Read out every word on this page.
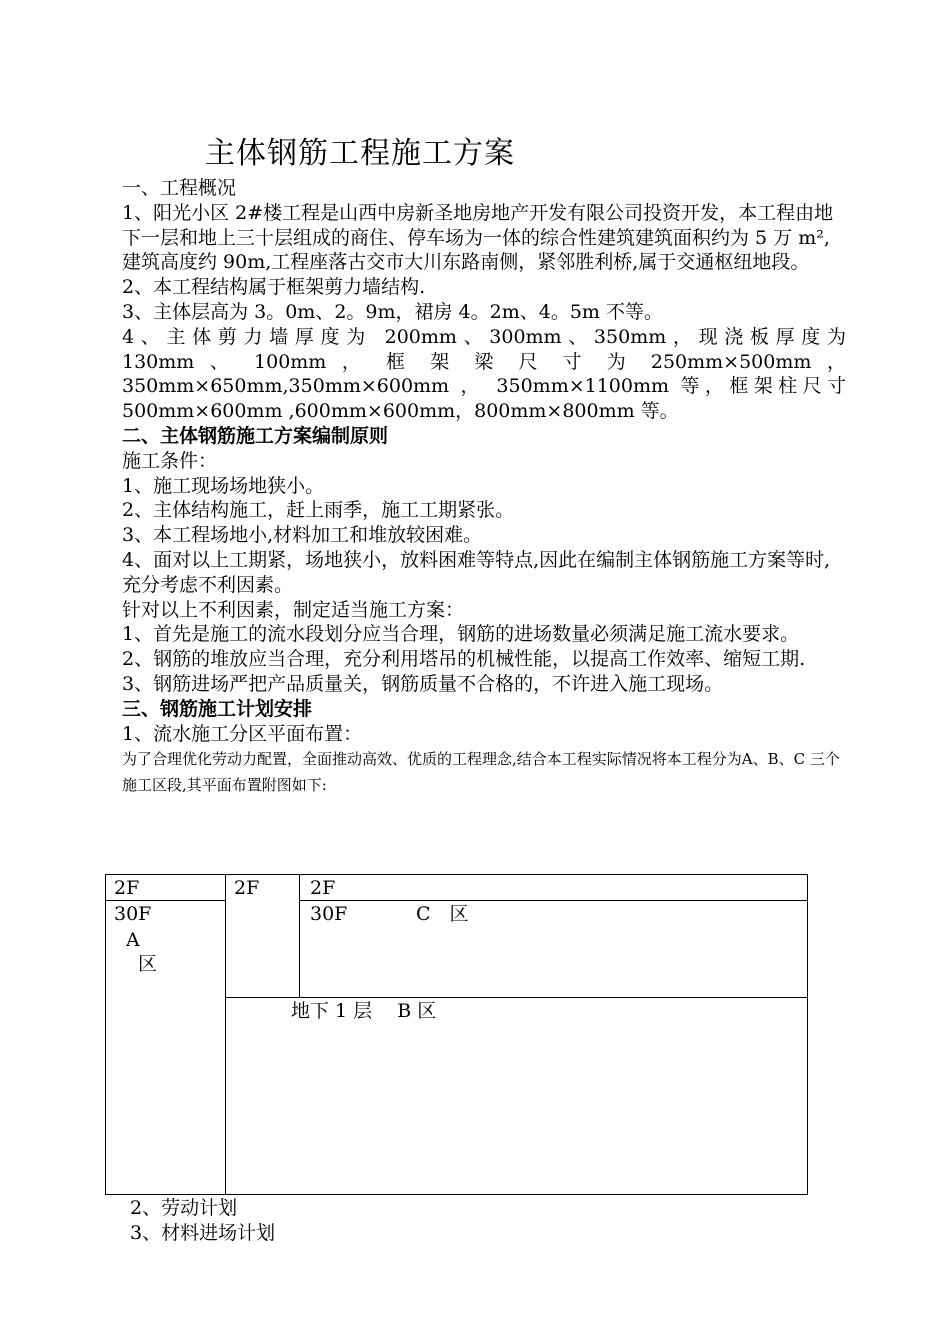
主体钢筋工程施工方案

一、工程概况

1、阳光小区 2#楼工程是山西中房新圣地房地产开发有限公司投资开发，本工程由地下一层和地上三十层组成的商住、停车场为一体的综合性建筑建筑面积约为 5 万 m²,建筑高度约 90m,工程座落古交市大川东路南侧，紧邻胜利桥,属于交通枢纽地段。

2、本工程结构属于框架剪力墙结构.

3、主体层高为 3。0m、2。9m，裙房 4。2m、4。5m 不等。

4、主体剪力墙厚度为 200mm、300mm、350mm，现浇板厚度为

130mm 、 100mm ， 框 架 梁 尺 寸 为 250mm×500mm ，

350mm×650mm,350mm×600mm ， 350mm×1100mm 等，框架柱尺寸

500mm×600mm ,600mm×600mm，800mm×800mm 等。

二、主体钢筋施工方案编制原则

施工条件：

1、施工现场场地狭小。

2、主体结构施工，赶上雨季，施工工期紧张。

3、本工程场地小,材料加工和堆放较困难。

4、面对以上工期紧，场地狭小，放料困难等特点,因此在编制主体钢筋施工方案等时,充分考虑不利因素。

针对以上不利因素，制定适当施工方案：

1、首先是施工的流水段划分应当合理，钢筋的进场数量必须满足施工流水要求。

2、钢筋的堆放应当合理，充分利用塔吊的机械性能，以提高工作效率、缩短工期.

3、钢筋进场严把产品质量关，钢筋质量不合格的，不许进入施工现场。

三、钢筋施工计划安排

1、流水施工分区平面布置：

为了合理优化劳动力配置，全面推动高效、优质的工程理念,结合本工程实际情况将本工程分为A、B、C 三个施工区段,其平面布置附图如下:

2F
30F
A
区
2F	2F
30F	C　区
地下 1 层　 B 区

2、劳动计划

3、材料进场计划
